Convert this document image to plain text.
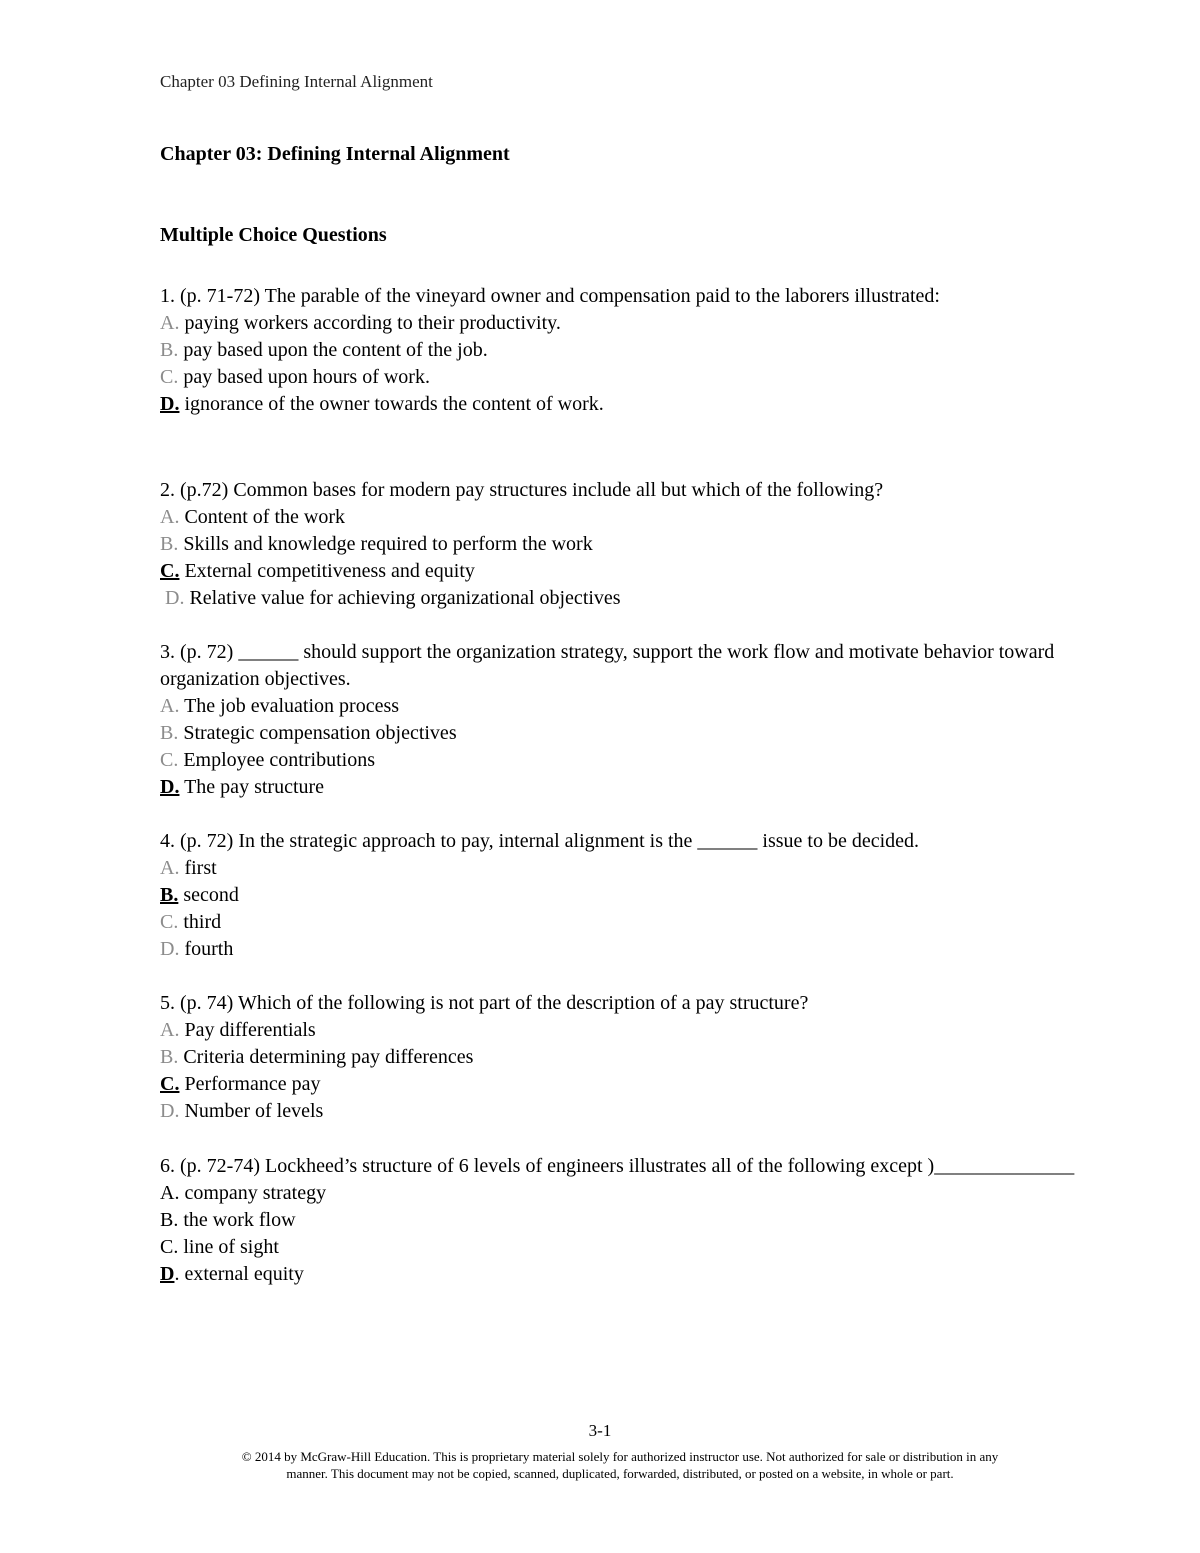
Chapter 03 Defining Internal Alignment
Chapter 03: Defining Internal Alignment
Multiple Choice Questions
1. (p. 71-72) The parable of the vineyard owner and compensation paid to the laborers illustrated:
A. paying workers according to their productivity.
B. pay based upon the content of the job.
C. pay based upon hours of work.
D. ignorance of the owner towards the content of work.
2. (p.72) Common bases for modern pay structures include all but which of the following?
A. Content of the work
B. Skills and knowledge required to perform the work
C. External competitiveness and equity
D. Relative value for achieving organizational objectives
3. (p. 72) ______ should support the organization strategy, support the work flow and motivate behavior toward organization objectives.
A. The job evaluation process
B. Strategic compensation objectives
C. Employee contributions
D. The pay structure
4. (p. 72) In the strategic approach to pay, internal alignment is the ______ issue to be decided.
A. first
B. second
C. third
D. fourth
5. (p. 74) Which of the following is not part of the description of a pay structure?
A. Pay differentials
B. Criteria determining pay differences
C. Performance pay
D. Number of levels
6. (p. 72-74) Lockheed’s structure of 6 levels of engineers illustrates all of the following except )______________
A. company strategy
B. the work flow
C. line of sight
D. external equity
3-1
© 2014 by McGraw-Hill Education. This is proprietary material solely for authorized instructor use. Not authorized for sale or distribution in any
manner. This document may not be copied, scanned, duplicated, forwarded, distributed, or posted on a website, in whole or part.
